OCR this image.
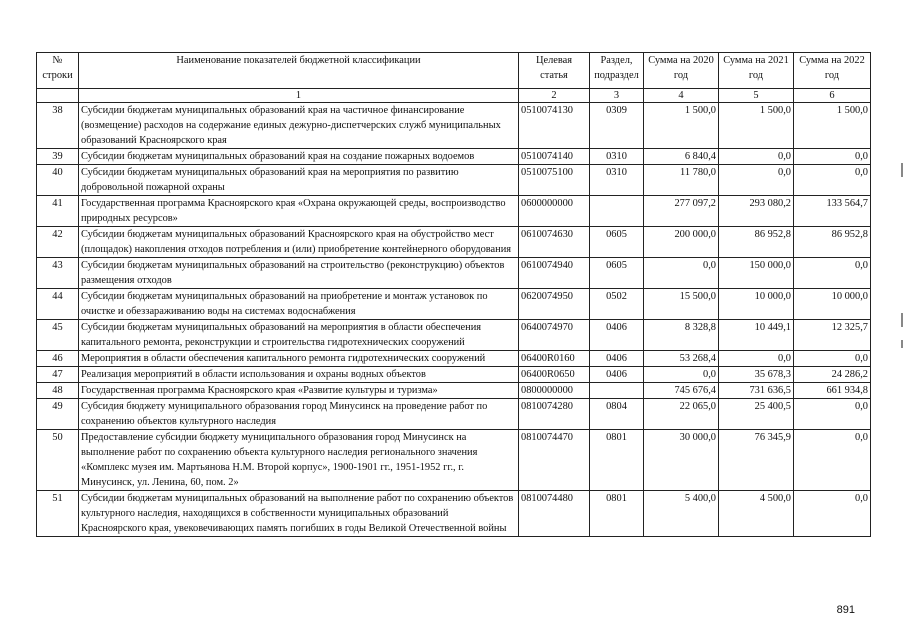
№ строки	Наименование показателей бюджетной классификации	Целевая статья	Раздел, подраздел	Сумма на 2020 год	Сумма на 2021 год	Сумма на 2022 год
	1	2	3	4	5	6
38	Субсидии бюджетам муниципальных образований края на частичное финансирование (возмещение) расходов на содержание единых дежурно-диспетчерских служб муниципальных образований Красноярского края	0510074130	0309	1 500,0	1 500,0	1 500,0
39	Субсидии бюджетам муниципальных образований края на создание пожарных водоемов	0510074140	0310	6 840,4	0,0	0,0
40	Субсидии бюджетам муниципальных образований края на мероприятия по развитию добровольной пожарной охраны	0510075100	0310	11 780,0	0,0	0,0
41	Государственная программа Красноярского края «Охрана окружающей среды, воспроизводство природных ресурсов»	0600000000		277 097,2	293 080,2	133 564,7
42	Субсидии бюджетам муниципальных образований Красноярского края на обустройство мест (площадок) накопления отходов потребления и (или) приобретение контейнерного оборудования	0610074630	0605	200 000,0	86 952,8	86 952,8
43	Субсидии бюджетам муниципальных образований на строительство (реконструкцию) объектов размещения отходов	0610074940	0605	0,0	150 000,0	0,0
44	Субсидии бюджетам муниципальных образований на приобретение и монтаж установок по очистке и обеззараживанию воды на системах водоснабжения	0620074950	0502	15 500,0	10 000,0	10 000,0
45	Субсидии бюджетам муниципальных образований на мероприятия в области обеспечения капитального ремонта, реконструкции и строительства гидротехнических сооружений	0640074970	0406	8 328,8	10 449,1	12 325,7
46	Мероприятия в области обеспечения капитального ремонта гидротехнических сооружений	06400R0160	0406	53 268,4	0,0	0,0
47	Реализация мероприятий в области использования и охраны водных объектов	06400R0650	0406	0,0	35 678,3	24 286,2
48	Государственная программа Красноярского края «Развитие культуры и туризма»	0800000000		745 676,4	731 636,5	661 934,8
49	Субсидия бюджету муниципального образования город Минусинск на проведение работ по сохранению объектов культурного наследия	0810074280	0804	22 065,0	25 400,5	0,0
50	Предоставление субсидии бюджету муниципального образования город Минусинск на выполнение работ по сохранению объекта культурного наследия регионального значения «Комплекс музея им. Мартьянова Н.М. Второй корпус», 1900-1901 гг., 1951-1952 гг., г. Минусинск, ул. Ленина, 60, пом. 2»	0810074470	0801	30 000,0	76 345,9	0,0
51	Субсидии бюджетам муниципальных образований на выполнение работ по сохранению объектов культурного наследия, находящихся в собственности муниципальных образований Красноярского края, увековечивающих память погибших в годы Великой Отечественной войны	0810074480	0801	5 400,0	4 500,0	0,0
891
